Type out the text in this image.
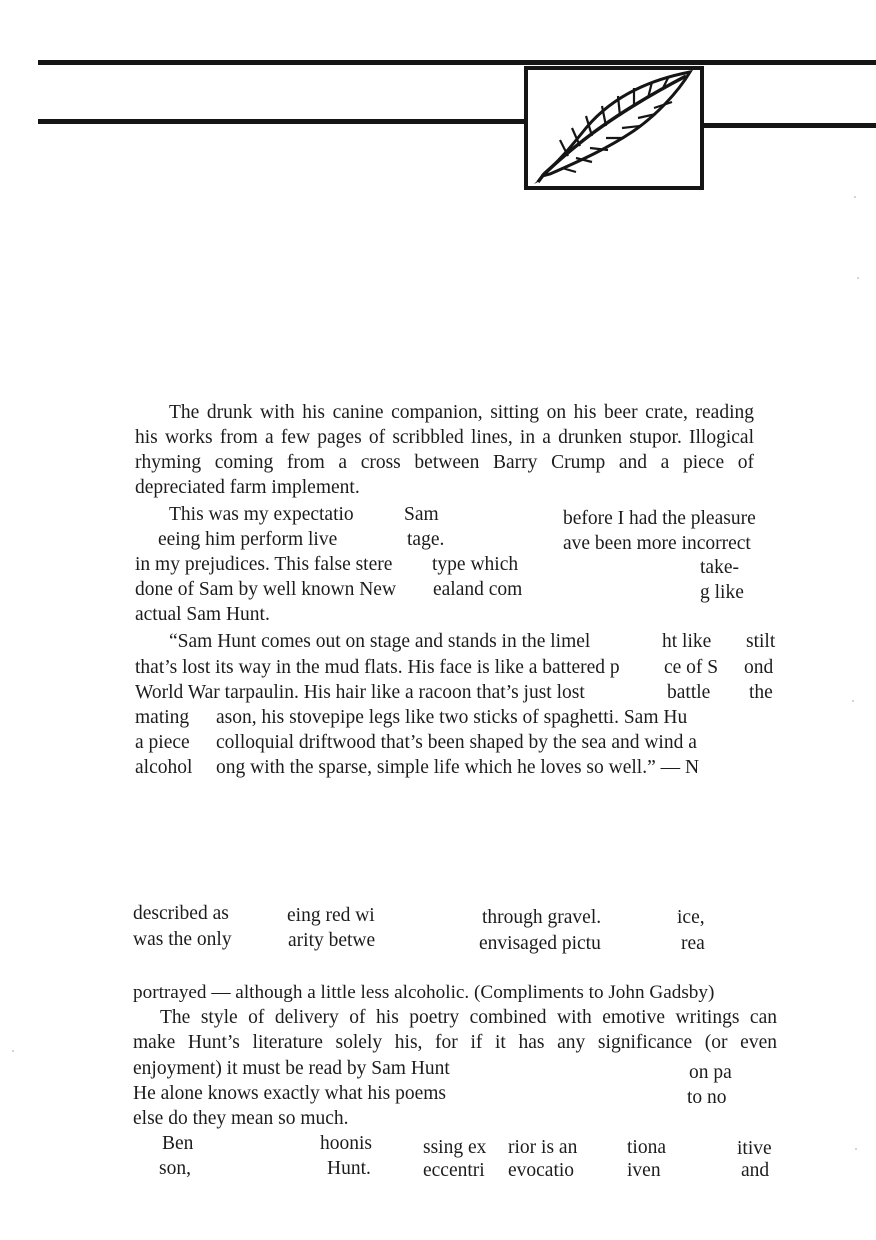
The drunk with his canine companion, sitting on his beer crate, reading
his works from a few pages of scribbled lines, in a drunken stupor. Illogical
rhyming coming from a cross between Barry Crump and a piece of
depreciated farm implement.
This was my expectatio	Sam	before I had the pleasure
eeing him perform live	tage.	ave been more incorrect
in my prejudices. This false stere type which	take-
done of Sam by well known New ealand com	g like
actual Sam Hunt.
“Sam Hunt comes out on stage and stands in the limel	ht like stilt
that’s lost its way in the mud flats. His face is like a battered p ce of S ond
World War tarpaulin. His hair like a racoon that’s just lost	battle the
mating ason, his stovepipe legs like two sticks of spaghetti. Sam Hu
a piece colloquial driftwood that’s been shaped by the sea and wind a
alcohol ong with the sparse, simple life which he loves so well.” — N
described as	eing red wi	through gravel.	ice,
was the only	arity betwe	envisaged pictu	rea
portrayed — although a little less alcoholic. (Compliments to John Gadsby)
The style of delivery of his poetry combined with emotive writings can
make Hunt’s literature solely his, for if it has any significance (or even
enjoyment) it must be read by Sam Hunt	on pa
He alone knows exactly what his poems	to no
else do they mean so much.
Ben	hoonis	ssing ex rior is an	tiona	itive
son,	Hunt.	eccentri evocatio	iven	and
